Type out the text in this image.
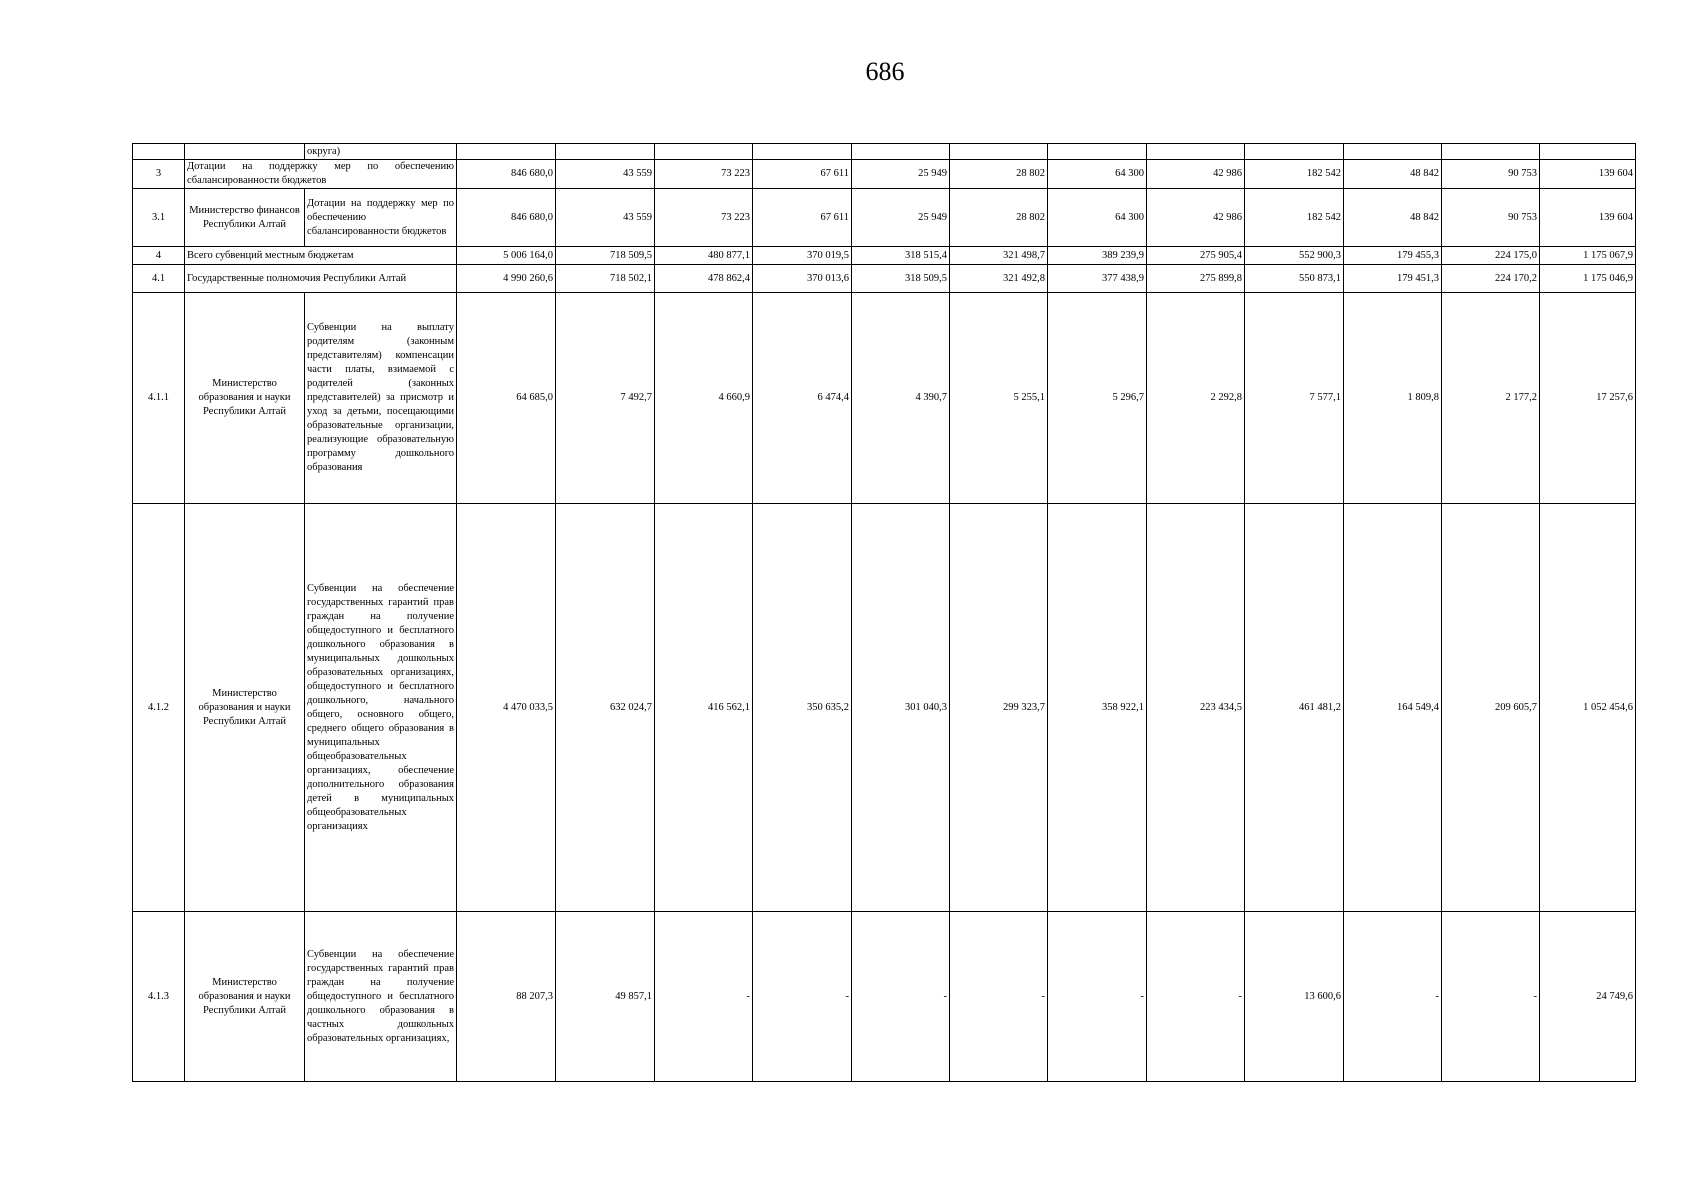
686
		округа)												
3	Дотации на поддержку мер по обеспечению сбалансированности бюджетов		846 680,0	43 559	73 223	67 611	25 949	28 802	64 300	42 986	182 542	48 842	90 753	139 604
3.1	Министерство финансов Республики Алтай	Дотации на поддержку мер по обеспечению сбалансированности бюджетов	846 680,0	43 559	73 223	67 611	25 949	28 802	64 300	42 986	182 542	48 842	90 753	139 604
4	Всего субвенций местным бюджетам		5 006 164,0	718 509,5	480 877,1	370 019,5	318 515,4	321 498,7	389 239,9	275 905,4	552 900,3	179 455,3	224 175,0	1 175 067,9
4.1	Государственные полномочия Республики Алтай		4 990 260,6	718 502,1	478 862,4	370 013,6	318 509,5	321 492,8	377 438,9	275 899,8	550 873,1	179 451,3	224 170,2	1 175 046,9
4.1.1	Министерство образования и науки Республики Алтай	Субвенции на выплату родителям (законным представителям) компенсации части платы, взимаемой с родителей (законных представителей) за присмотр и уход за детьми, посещающими образовательные организации, реализующие образовательную программу дошкольного образования	64 685,0	7 492,7	4 660,9	6 474,4	4 390,7	5 255,1	5 296,7	2 292,8	7 577,1	1 809,8	2 177,2	17 257,6
4.1.2	Министерство образования и науки Республики Алтай	Субвенции на обеспечение государственных гарантий прав граждан на получение общедоступного и бесплатного дошкольного образования в муниципальных дошкольных образовательных организациях, общедоступного и бесплатного дошкольного, начального общего, основного общего, среднего общего образования в муниципальных общеобразовательных организациях, обеспечение дополнительного образования детей в муниципальных общеобразовательных организациях	4 470 033,5	632 024,7	416 562,1	350 635,2	301 040,3	299 323,7	358 922,1	223 434,5	461 481,2	164 549,4	209 605,7	1 052 454,6
4.1.3	Министерство образования и науки Республики Алтай	Субвенции на обеспечение государственных гарантий прав граждан на получение общедоступного и бесплатного дошкольного образования в частных дошкольных образовательных организациях,	88 207,3	49 857,1	-	-	-	-	-	-	13 600,6	-	-	24 749,6
